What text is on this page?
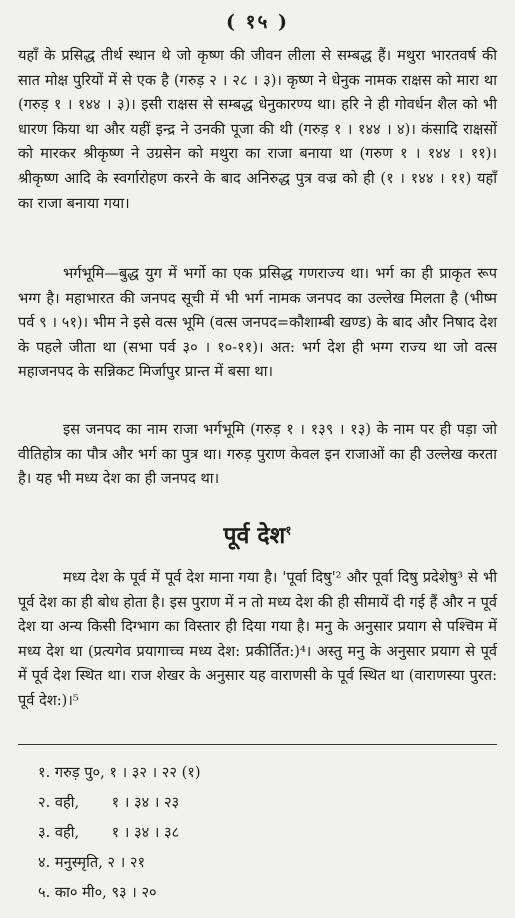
( १५ )

यहाँ के प्रसिद्ध तीर्थ स्थान थे जो कृष्ण की जीवन लीला से सम्बद्ध हैं। मथुरा भारतवर्ष की सात मोक्ष पुरियों में से एक है (गरुड़ २ । २८ । ३)। कृष्ण ने धेनुक नामक राक्षस को मारा था (गरुड़ १ । १४४ । ३)। इसी राक्षस से सम्बद्ध धेनुकारण्य था। हरि ने ही गोवर्धन शैल को भी धारण किया था और यहीं इन्द्र ने उनकी पूजा की थी (गरुड़ १ । १४४ । ४)। कंसादि राक्षसों को मारकर श्रीकृष्ण ने उग्रसेन को मथुरा का राजा बनाया था (गरुण १ । १४४ । ११)। श्रीकृष्ण आदि के स्वर्गारोहण करने के बाद अनिरुद्ध पुत्र वज्र को ही (१ । १४४ । ११) यहाँ का राजा बनाया गया।

भर्गभूमि—बुद्ध युग में भर्गो का एक प्रसिद्ध गणराज्य था। भर्ग का ही प्राकृत रूप भग्ग है। महाभारत की जनपद सूची में भी भर्ग नामक जनपद का उल्लेख मिलता है (भीष्म पर्व ९ । ५१)। भीम ने इसे वत्स भूमि (वत्स जनपद=कौशाम्बी खण्ड) के बाद और निषाद देश के पहले जीता था (सभा पर्व ३० । १०-११)। अत: भर्ग देश ही भग्ग राज्य था जो वत्स महाजनपद के सन्निकट मिर्जापुर प्रान्त में बसा था।

इस जनपद का नाम राजा भर्गभूमि (गरुड़ १ । १३९ । १३) के नाम पर ही पड़ा जो वीतिहोत्र का पौत्र और भर्ग का पुत्र था। गरुड़ पुराण केवल इन राजाओं का ही उल्लेख करता है। यह भी मध्य देश का ही जनपद था।

पूर्व देश$^१$

मध्य देश के पूर्व में पूर्व देश माना गया है। 'पूर्वा दिषु'² और पूर्वा दिषु प्रदेशेषु³ से भी पूर्व देश का ही बोध होता है। इस पुराण में न तो मध्य देश की ही सीमायें दी गई हैं और न पूर्व देश या अन्य किसी दिग्भाग का विस्तार ही दिया गया है। मनु के अनुसार प्रयाग से पश्चिम में मध्य देश था (प्रत्यगेव प्रयागाच्च मध्य देश: प्रकीर्तित:)⁴। अस्तु मनु के अनुसार प्रयाग से पूर्व में पूर्व देश स्थित था। राज शेखर के अनुसार यह वाराणसी के पूर्व स्थित था (वाराणस्या पुरत: पूर्व देश:)।⁵

१. गरुड़ पु०, १ । ३२ । २२ (१)
२. वही,       १ । ३४ । २३
३. वही,       १ । ३४ । ३८
४. मनुस्मृति, २ । २१
५. का० मी०, ९३ । २०
